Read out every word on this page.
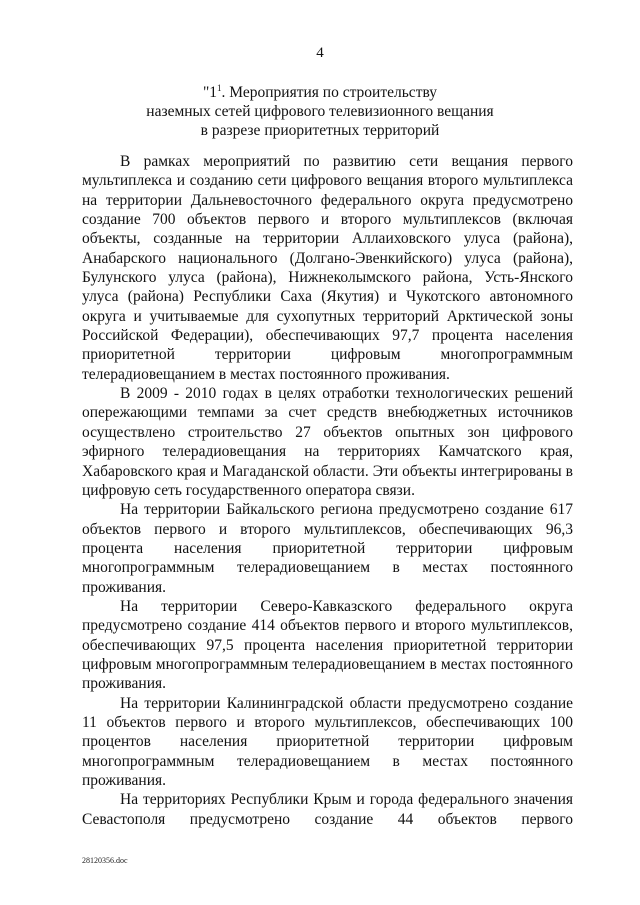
4
"$1^1$. Мероприятия по строительству
наземных сетей цифрового телевизионного вещания
в разрезе приоритетных территорий

В рамках мероприятий по развитию сети вещания первого мультиплекса и созданию сети цифрового вещания второго мультиплекса на территории Дальневосточного федерального округа предусмотрено создание 700 объектов первого и второго мультиплексов (включая объекты, созданные на территории Аллаиховского улуса (района), Анабарского национального (Долгано-Эвенкийского) улуса (района), Булунского улуса (района), Нижнеколымского района, Усть-Янского улуса (района) Республики Саха (Якутия) и Чукотского автономного округа и учитываемые для сухопутных территорий Арктической зоны Российской Федерации), обеспечивающих 97,7 процента населения приоритетной территории цифровым многопрограммным телерадиовещанием в местах постоянного проживания.

В 2009 - 2010 годах в целях отработки технологических решений опережающими темпами за счет средств внебюджетных источников осуществлено строительство 27 объектов опытных зон цифрового эфирного телерадиовещания на территориях Камчатского края, Хабаровского края и Магаданской области. Эти объекты интегрированы в цифровую сеть государственного оператора связи.

На территории Байкальского региона предусмотрено создание 617 объектов первого и второго мультиплексов, обеспечивающих 96,3 процента населения приоритетной территории цифровым многопрограммным телерадиовещанием в местах постоянного проживания.

На территории Северо-Кавказского федерального округа предусмотрено создание 414 объектов первого и второго мультиплексов, обеспечивающих 97,5 процента населения приоритетной территории цифровым многопрограммным телерадиовещанием в местах постоянного проживания.

На территории Калининградской области предусмотрено создание 11 объектов первого и второго мультиплексов, обеспечивающих 100 процентов населения приоритетной территории цифровым многопрограммным телерадиовещанием в местах постоянного проживания.

На территориях Республики Крым и города федерального значения Севастополя предусмотрено создание 44 объектов первого

28120356.doc
